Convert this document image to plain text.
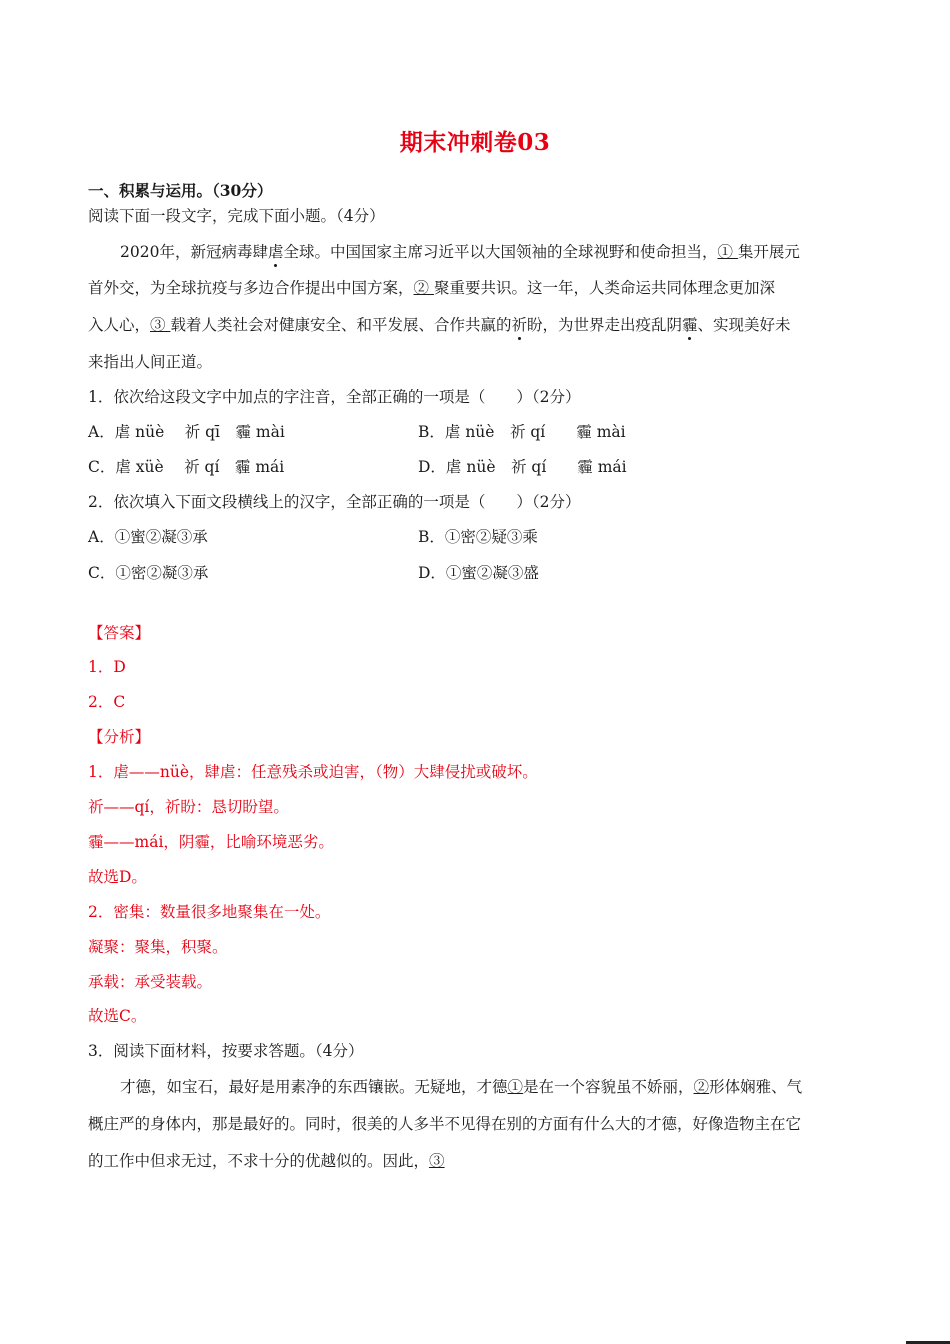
期末冲刺卷03
一、积累与运用。（30分）
阅读下面一段文字，完成下面小题。（4分）
2020年，新冠病毒肆虐全球。中国国家主席习近平以大国领袖的全球视野和使命担当，① 集开展元
首外交，为全球抗疫与多边合作提出中国方案，② 聚重要共识。这一年，人类命运共同体理念更加深
入人心，③ 载着人类社会对健康安全、和平发展、合作共赢的祈盼，为世界走出疫乱阴霾、实现美好未
来指出人间正道。
1．依次给这段文字中加点的字注音，全部正确的一项是（　　）（2分）
A．虐 nüè　 祈 qī　霾 mài	B．虐 nüè　祈 qí　　霾 mài
C．虐 xüè　 祈 qí　霾 mái	D．虐 nüè　祈 qí　　霾 mái
2．依次填入下面文段横线上的汉字，全部正确的一项是（　　）（2分）
A．①蜜②凝③承	B．①密②疑③乘
C．①密②凝③承	D．①蜜②凝③盛
【答案】
1．D
2．C
【分析】
1．虐——nüè，肆虐：任意残杀或迫害，（物）大肆侵扰或破坏。
祈——qí，祈盼：恳切盼望。
霾——mái，阴霾，比喻环境恶劣。
故选D。
2．密集：数量很多地聚集在一处。
凝聚：聚集，积聚。
承载：承受装载。
故选C。
3．阅读下面材料，按要求答题。（4分）
才德，如宝石，最好是用素净的东西镶嵌。无疑地，才德①是在一个容貌虽不娇丽，②形体娴雅、气
概庄严的身体内，那是最好的。同时，很美的人多半不见得在别的方面有什么大的才德，好像造物主在它
的工作中但求无过，不求十分的优越似的。因此，③
